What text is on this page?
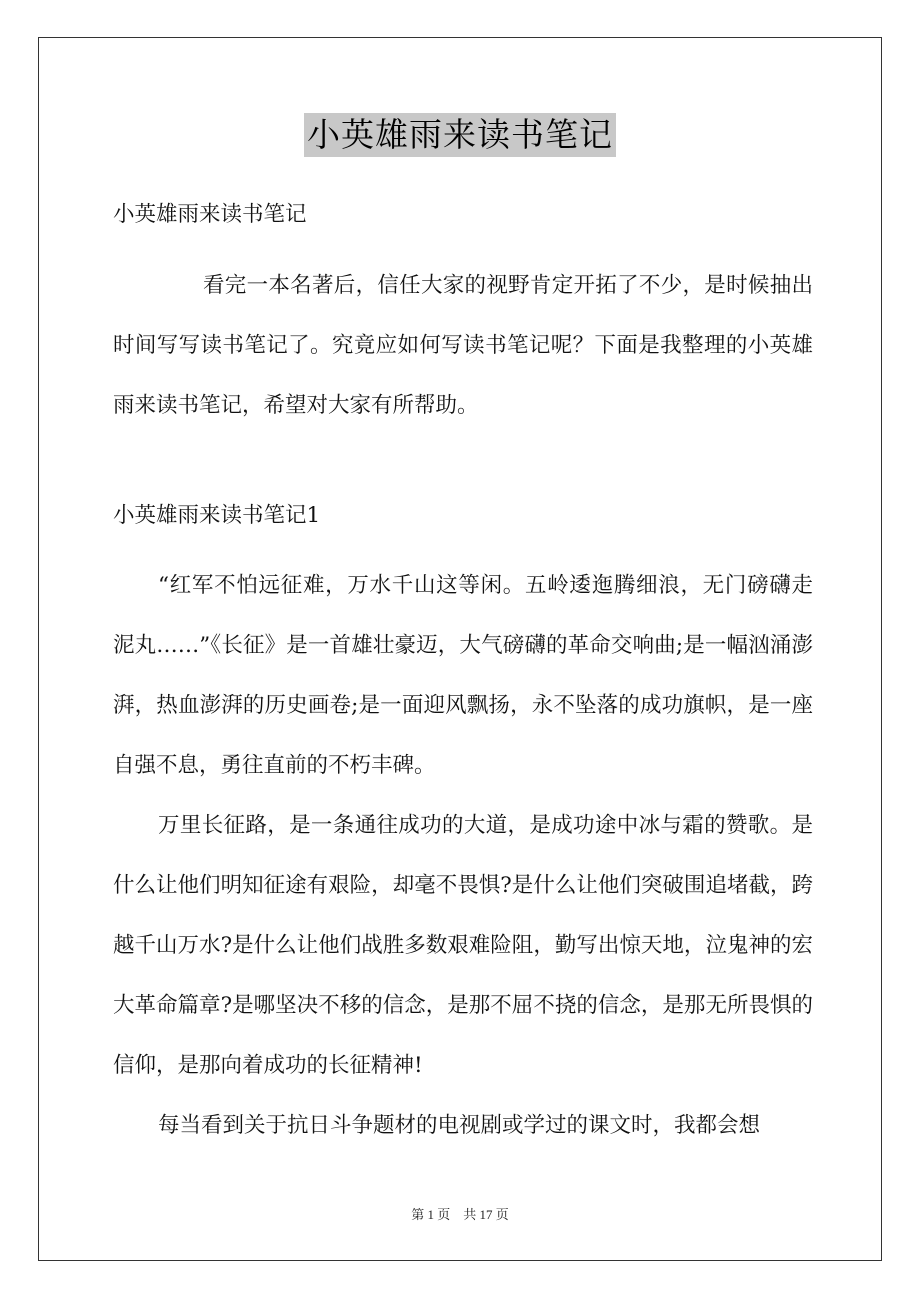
小英雄雨来读书笔记

小英雄雨来读书笔记

看完一本名著后，信任大家的视野肯定开拓了不少，是时候抽出时间写写读书笔记了。究竟应如何写读书笔记呢？下面是我整理的小英雄雨来读书笔记，希望对大家有所帮助。

小英雄雨来读书笔记1

“红军不怕远征难，万水千山这等闲。五岭逶迤腾细浪，无门磅礴走泥丸……”《长征》是一首雄壮豪迈，大气磅礴的革命交响曲;是一幅汹涌澎湃，热血澎湃的历史画卷;是一面迎风飘扬，永不坠落的成功旗帜，是一座自强不息，勇往直前的不朽丰碑。

万里长征路，是一条通往成功的大道，是成功途中冰与霜的赞歌。是什么让他们明知征途有艰险，却毫不畏惧?是什么让他们突破围追堵截，跨越千山万水?是什么让他们战胜多数艰难险阻，勤写出惊天地，泣鬼神的宏大革命篇章?是哪坚决不移的信念，是那不屈不挠的信念，是那无所畏惧的信仰，是那向着成功的长征精神!

每当看到关于抗日斗争题材的电视剧或学过的课文时，我都会想

第 1 页　共 17 页
